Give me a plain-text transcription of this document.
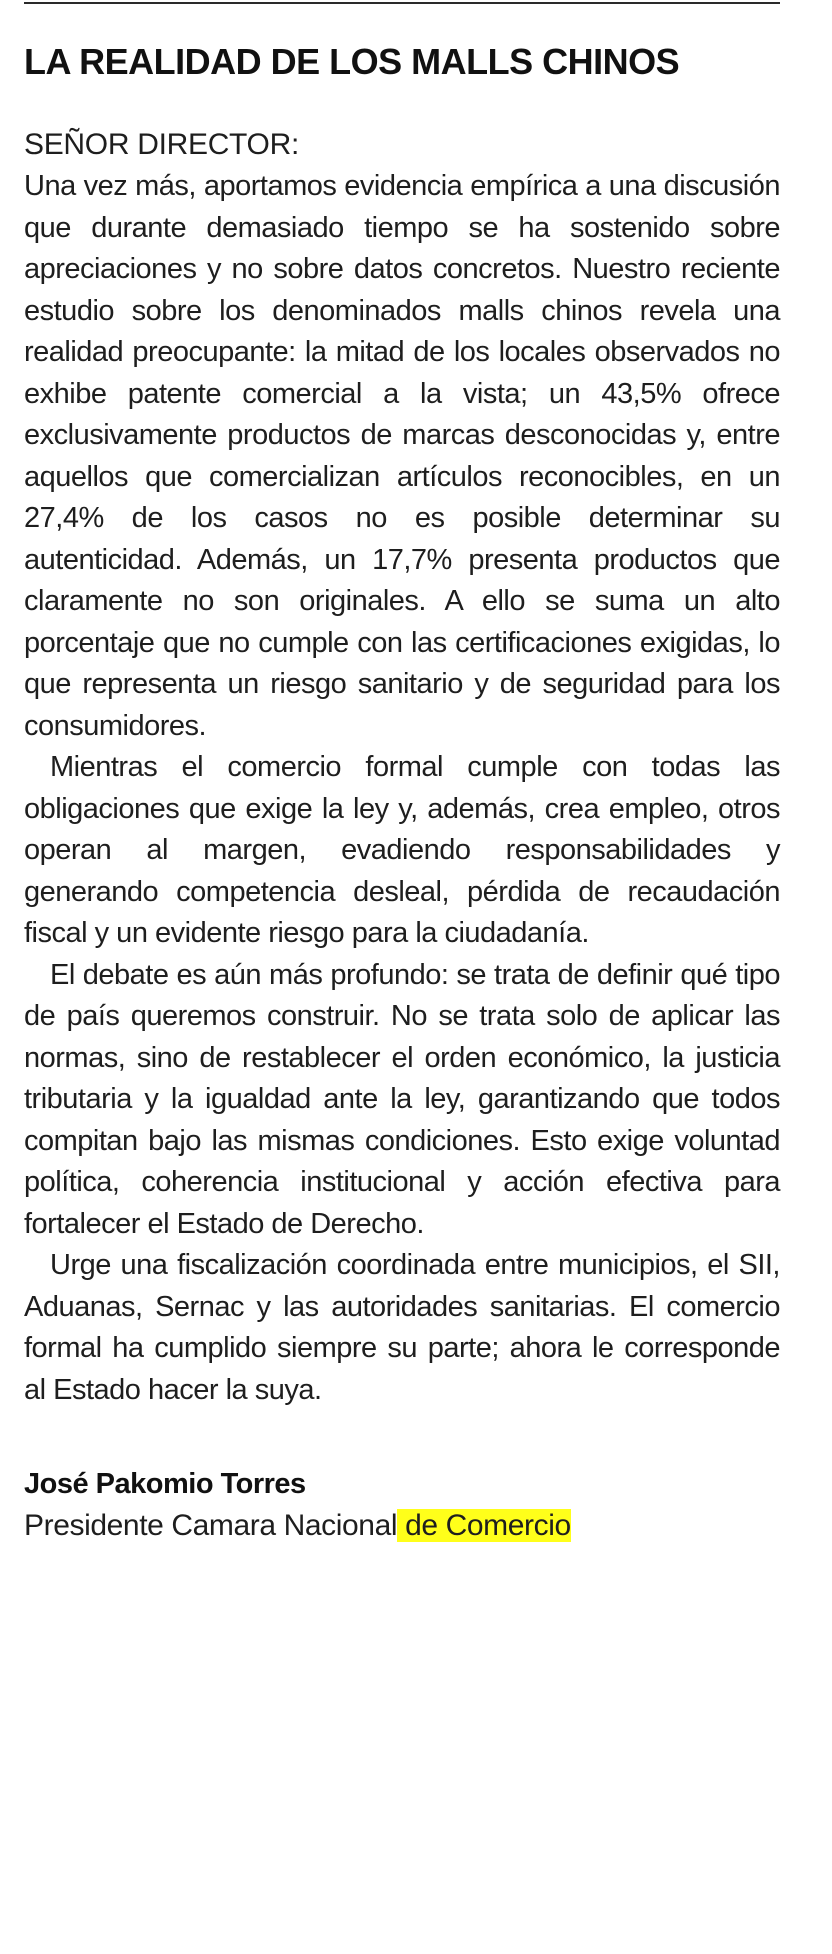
LA REALIDAD DE LOS MALLS CHINOS
SEÑOR DIRECTOR:

Una vez más, aportamos evidencia empírica a una discusión que durante demasiado tiempo se ha sostenido sobre apreciaciones y no sobre datos concretos. Nuestro reciente estudio sobre los denominados malls chinos revela una realidad preocupante: la mitad de los locales observados no exhibe patente comercial a la vista; un 43,5% ofrece exclusivamente productos de marcas desconocidas y, entre aquellos que comercializan artículos reconocibles, en un 27,4% de los casos no es posible determinar su autenticidad. Además, un 17,7% presenta productos que claramente no son originales. A ello se suma un alto porcentaje que no cumple con las certificaciones exigidas, lo que representa un riesgo sanitario y de seguridad para los consumidores.

Mientras el comercio formal cumple con todas las obligaciones que exige la ley y, además, crea empleo, otros operan al margen, evadiendo responsabilidades y generando competencia desleal, pérdida de recaudación fiscal y un evidente riesgo para la ciudadanía.

El debate es aún más profundo: se trata de definir qué tipo de país queremos construir. No se trata solo de aplicar las normas, sino de restablecer el orden económico, la justicia tributaria y la igualdad ante la ley, garantizando que todos compitan bajo las mismas condiciones. Esto exige voluntad política, coherencia institucional y acción efectiva para fortalecer el Estado de Derecho.

Urge una fiscalización coordinada entre municipios, el SII, Aduanas, Sernac y las autoridades sanitarias. El comercio formal ha cumplido siempre su parte; ahora le corresponde al Estado hacer la suya.

José Pakomio Torres
Presidente Camara Nacional de Comercio
